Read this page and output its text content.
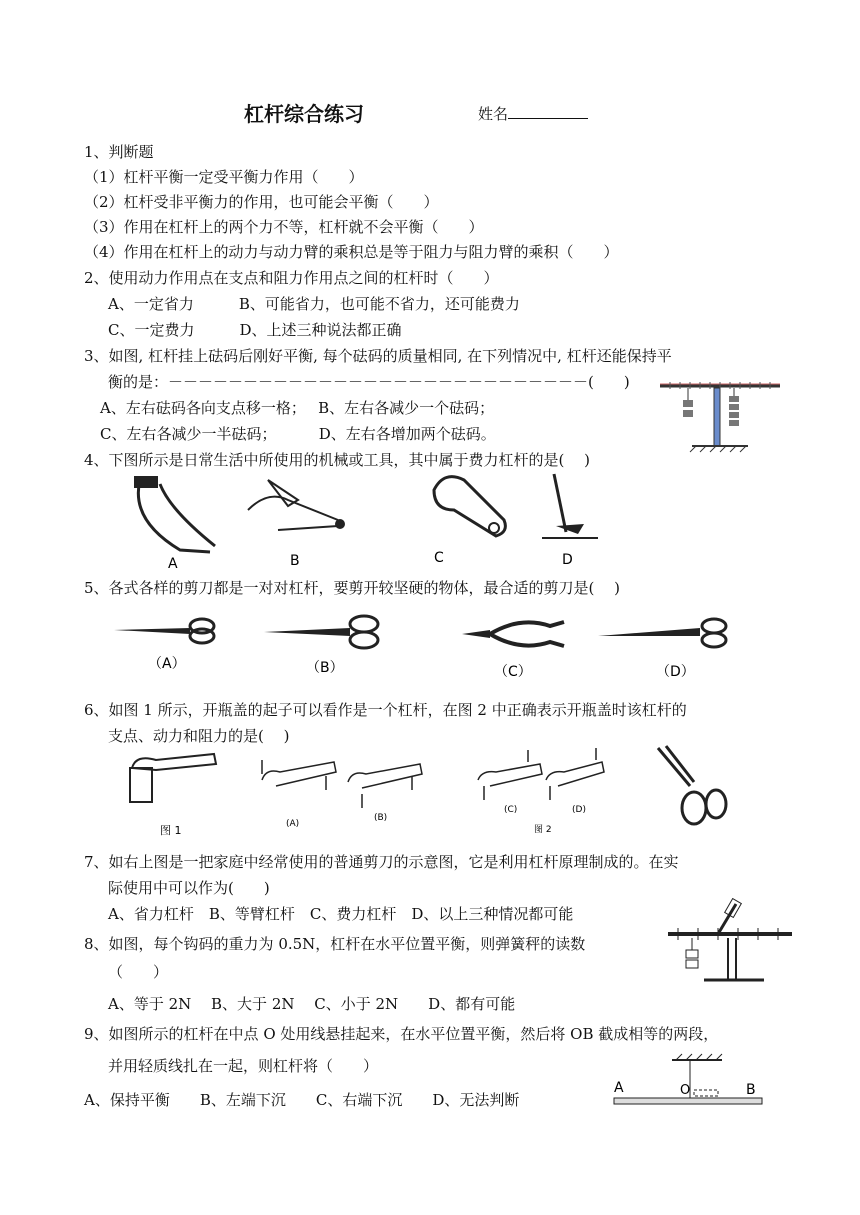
杠杆综合练习	姓名
1、判断题
（1）杠杆平衡一定受平衡力作用（　　）
（2）杠杆受非平衡力的作用，也可能会平衡（　　）
（3）作用在杠杆上的两个力不等，杠杆就不会平衡（　　）
（4）作用在杠杆上的动力与动力臂的乘积总是等于阻力与阻力臂的乘积（　　）
2、使用动力作用点在支点和阻力作用点之间的杠杆时（　　）
A、一定省力　　　B、可能省力，也可能不省力，还可能费力
C、一定费力　　　D、上述三种说法都正确
3、如图, 杠杆挂上砝码后刚好平衡, 每个砝码的质量相同, 在下列情况中, 杠杆还能保持平
衡的是：－－－－－－－－－－－－－－－－－－－－－－－－－－－－(　　)
A、左右砝码各向支点移一格；　 B、左右各减少一个砝码；
C、左右各减少一半砝码；　　　 D、左右各增加两个砝码。
4、下图所示是日常生活中所使用的机械或工具，其中属于费力杠杆的是(　 )
A	B	C	D
5、各式各样的剪刀都是一对对杠杆，要剪开较坚硬的物体，最合适的剪刀是(　 )
（A）	（B）	（C）	（D）
6、如图 1 所示，开瓶盖的起子可以看作是一个杠杆，在图 2 中正确表示开瓶盖时该杠杆的
支点、动力和阻力的是(　 )
图 1	(A)
(B)
(C)	(D)
图 2
7、如右上图是一把家庭中经常使用的普通剪刀的示意图，它是利用杠杆原理制成的。在实
际使用中可以作为(　　)
A、省力杠杆　B、等臂杠杆　C、费力杠杆　D、以上三种情况都可能
8、如图，每个钩码的重力为 0.5N，杠杆在水平位置平衡，则弹簧秤的读数
（　　）
A、等于 2N　 B、大于 2N　 C、小于 2N　　D、都有可能
9、如图所示的杠杆在中点 O 处用线悬挂起来，在水平位置平衡，然后将 OB 截成相等的两段，
并用轻质线扎在一起，则杠杆将（　　）
A、保持平衡　　B、左端下沉　　C、右端下沉　　D、无法判断
A	O	B
